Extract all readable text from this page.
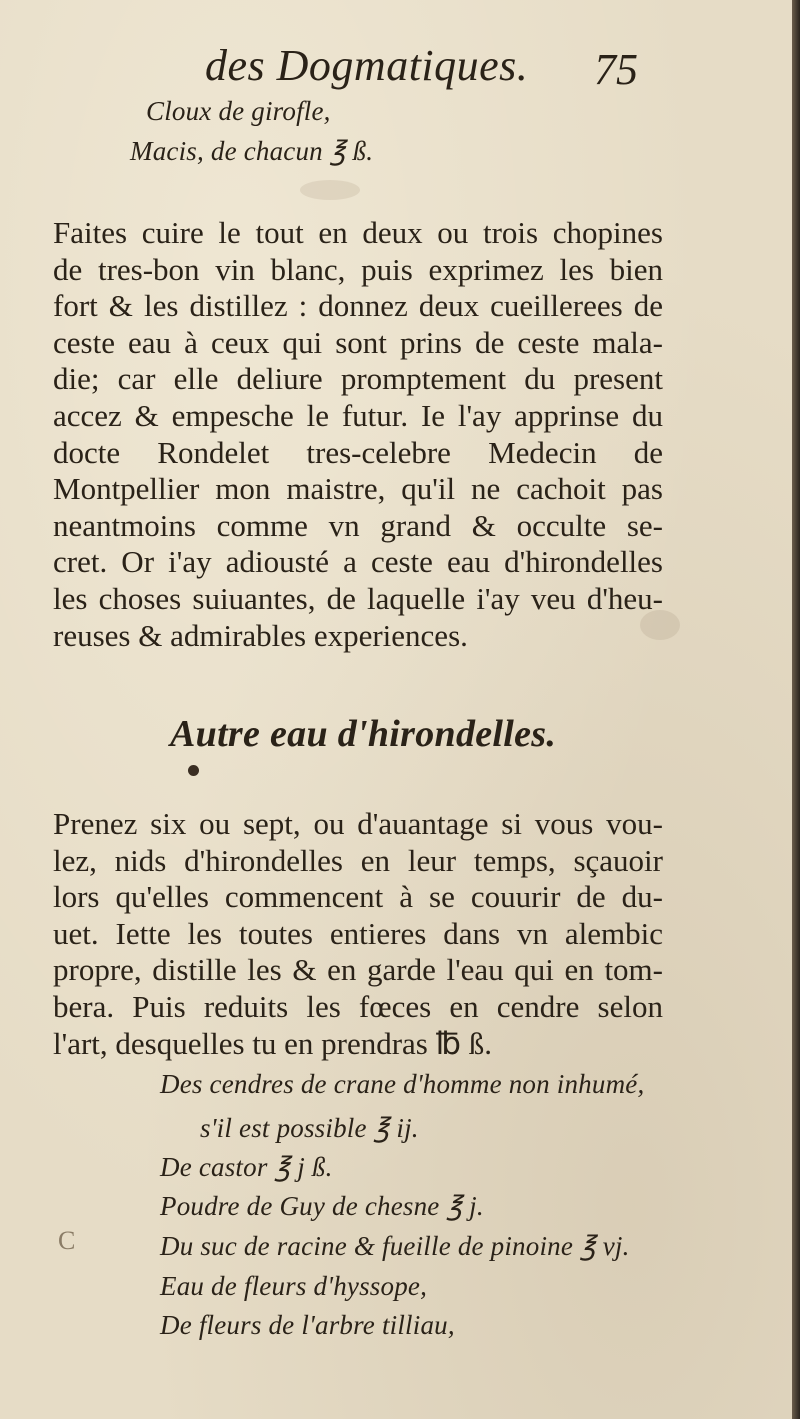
des Dogmatiques. 75
Cloux de girofle,
Macis, de chacun ℥ ß.
Faites cuire le tout en deux ou trois chopines
de tres-bon vin blanc, puis exprimez les bien
fort & les distillez : donnez deux cueillerees de
ceste eau à ceux qui sont prins de ceste mala-
die; car elle deliure promptement du present
accez & empesche le futur. Ie l'ay apprinse du
docte Rondelet tres-celebre Medecin de
Montpellier mon maistre, qu'il ne cachoit pas
neantmoins comme vn grand & occulte se-
cret. Or i'ay adiousté a ceste eau d'hirondelles
les choses suiuantes, de laquelle i'ay veu d'heu-
reuses & admirables experiences.
Autre eau d'hirondelles.
Prenez six ou sept, ou d'auantage si vous vou-
lez, nids d'hirondelles en leur temps, sçauoir
lors qu'elles commencent à se couurir de du-
uet. Iette les toutes entieres dans vn alembic
propre, distille les & en garde l'eau qui en tom-
bera. Puis reduits les fœces en cendre selon
l'art, desquelles tu en prendras ℔ ß.
Des cendres de crane d'homme non inhumé,
s'il est possible ℥ ij.
De castor ℥ j ß.
Poudre de Guy de chesne ℥ j.
Du suc de racine & fueille de pinoine ℥ vj.
Eau de fleurs d'hyssope,
De fleurs de l'arbre tilliau,
C
